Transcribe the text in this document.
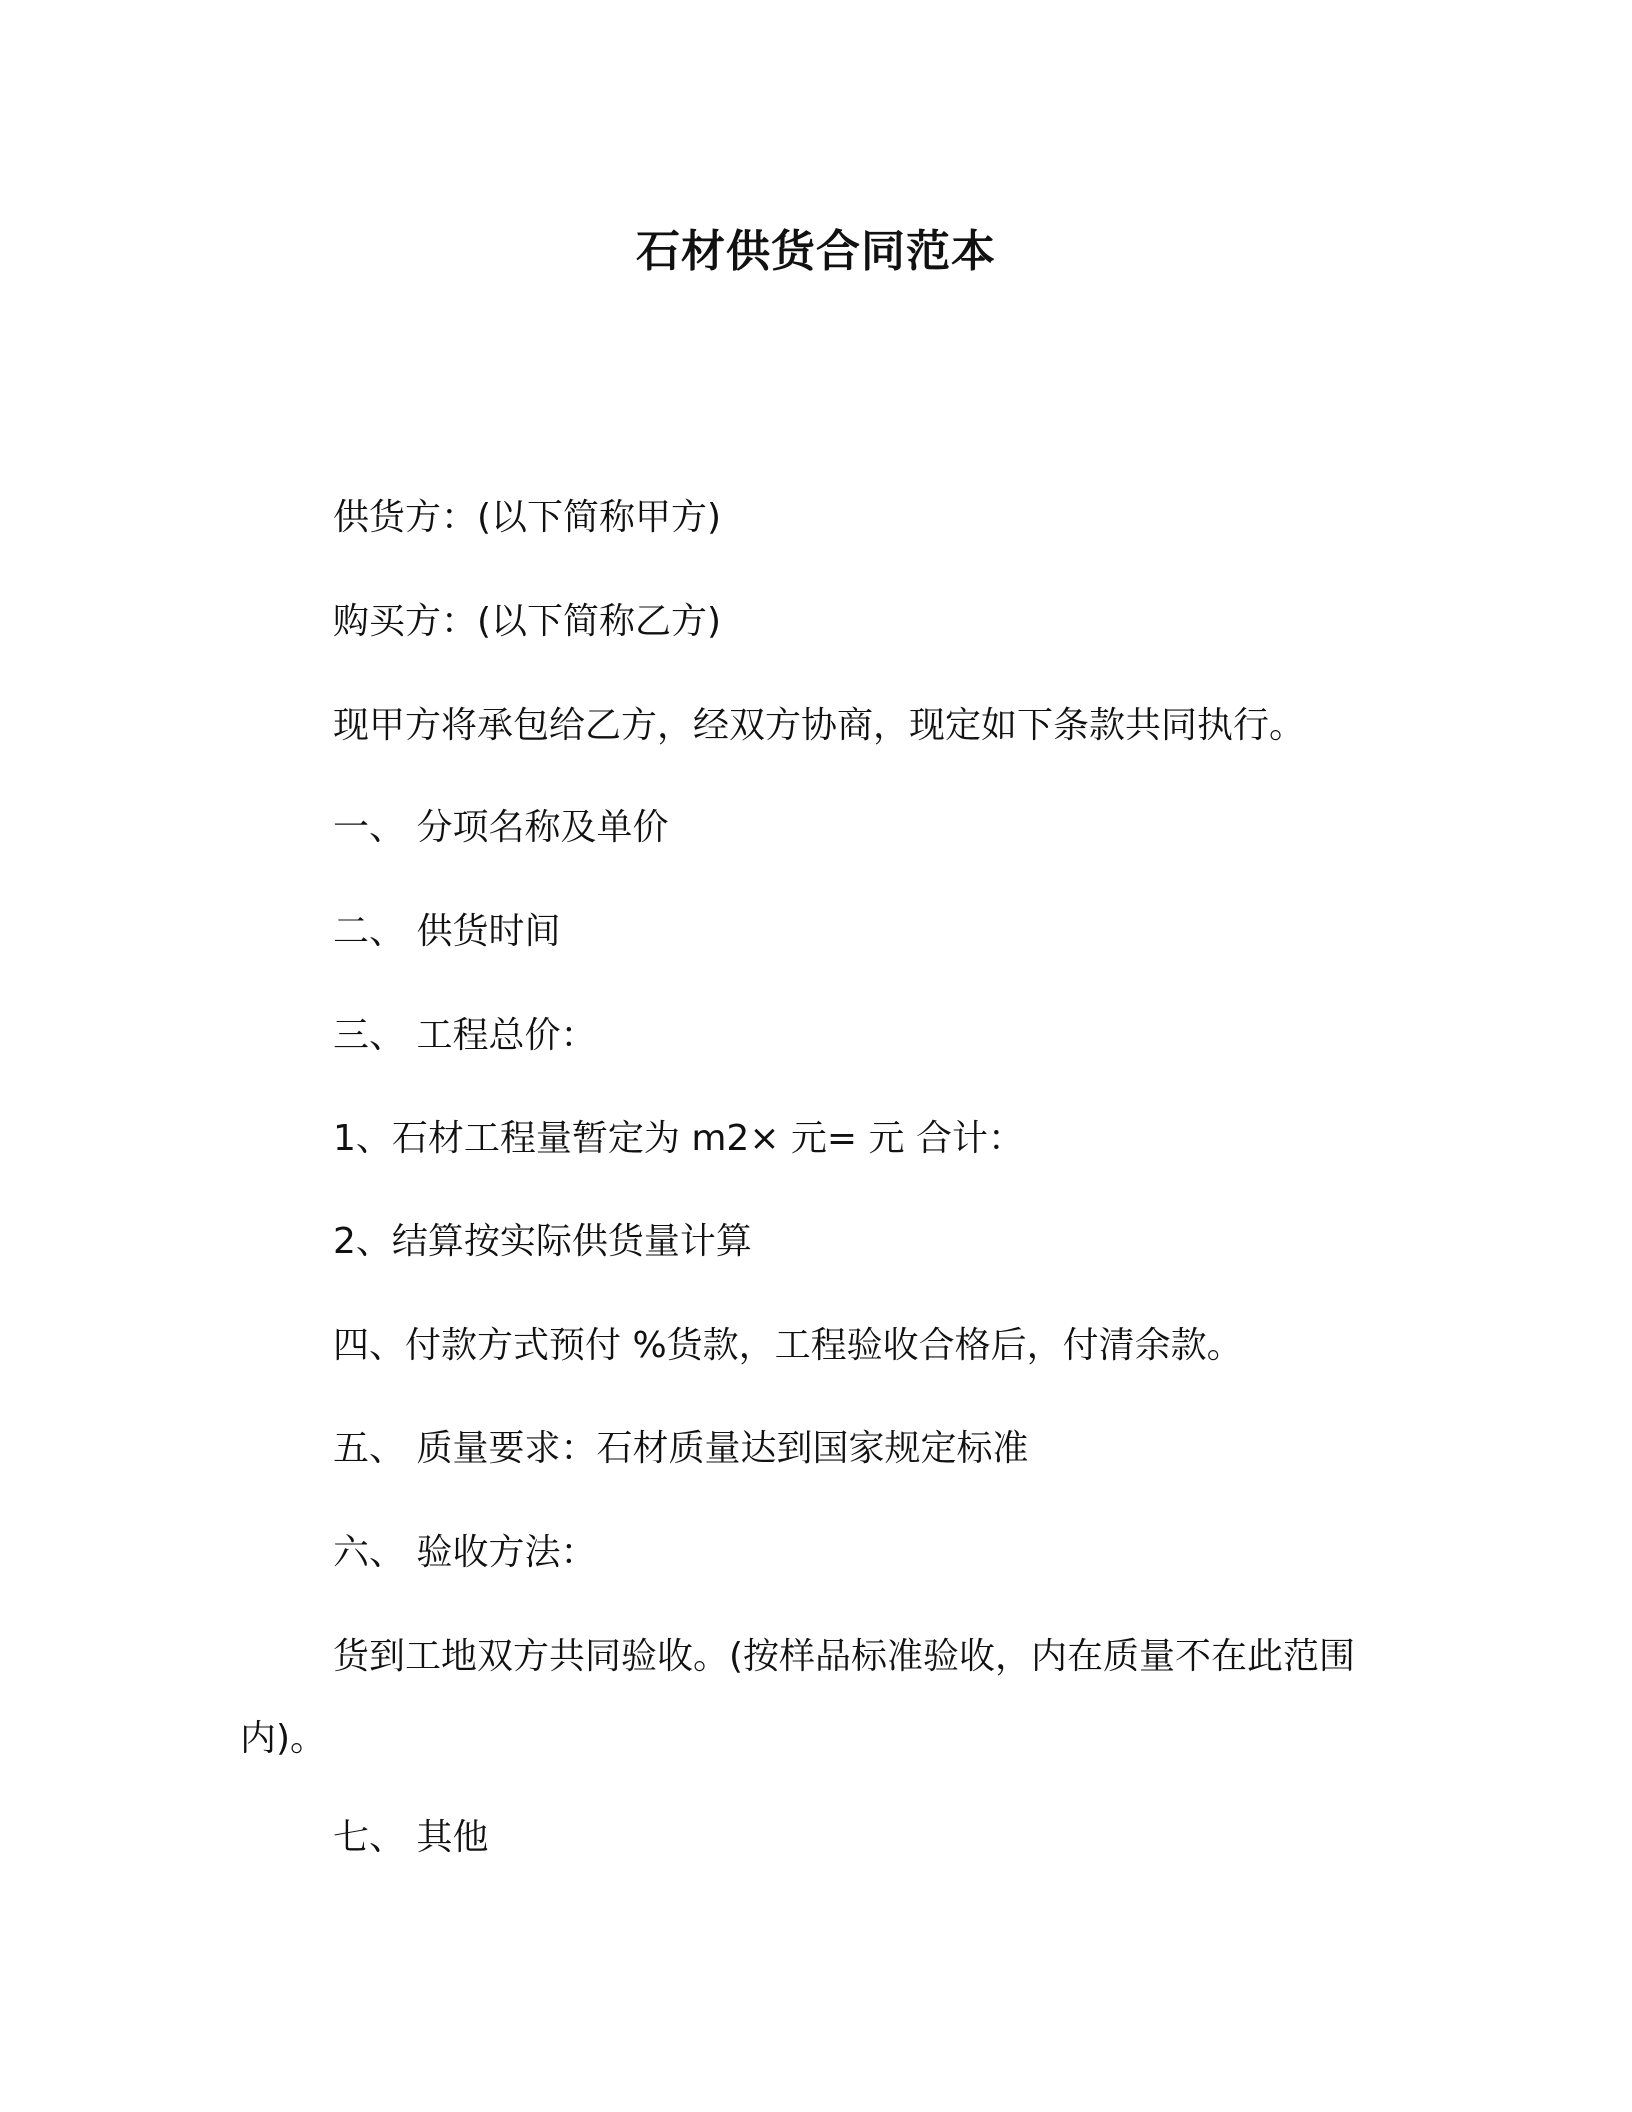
石材供货合同范本
供货方：(以下简称甲方)
购买方：(以下简称乙方)
现甲方将承包给乙方，经双方协商，现定如下条款共同执行。
一、 分项名称及单价
二、 供货时间
三、 工程总价：
1、石材工程量暂定为 m2× 元= 元 合计：
2、结算按实际供货量计算
四、付款方式预付 %货款，工程验收合格后，付清余款。
五、 质量要求：石材质量达到国家规定标准
六、 验收方法：
货到工地双方共同验收。(按样品标准验收，内在质量不在此范围内)。
七、 其他
